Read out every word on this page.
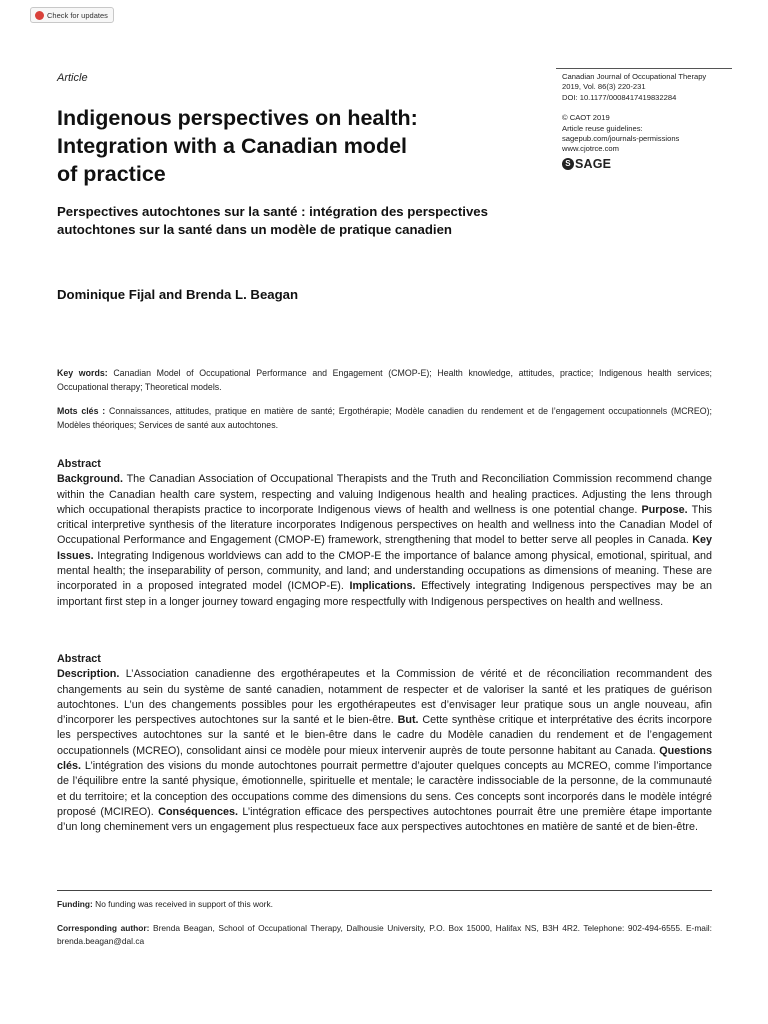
Check for updates
Article	Canadian Journal of Occupational Therapy
2019, Vol. 86(3) 220-231
DOI: 10.1177/0008417419832284
© CAOT 2019
Article reuse guidelines:
sagepub.com/journals-permissions
www.cjotrce.com
S SAGE
Indigenous perspectives on health:
Integration with a Canadian model
of practice
Perspectives autochtones sur la santé : intégration des perspectives
autochtones sur la santé dans un modèle de pratique canadien
Dominique Fijal and Brenda L. Beagan

Key words: Canadian Model of Occupational Performance and Engagement (CMOP-E); Health knowledge, attitudes, practice; Indigenous health services; Occupational therapy; Theoretical models.

Mots clés : Connaissances, attitudes, pratique en matière de santé; Ergothérapie; Modèle canadien du rendement et de l’engagement occupationnels (MCREO); Modèles théoriques; Services de santé aux autochtones.

Abstract
Background. The Canadian Association of Occupational Therapists and the Truth and Reconciliation Commission recommend change within the Canadian health care system, respecting and valuing Indigenous health and healing practices. Adjusting the lens through which occupational therapists practice to incorporate Indigenous views of health and wellness is one potential change. Purpose. This critical interpretive synthesis of the literature incorporates Indigenous perspectives on health and wellness into the Canadian Model of Occupational Performance and Engagement (CMOP-E) framework, strengthening that model to better serve all peoples in Canada. Key Issues. Integrating Indigenous worldviews can add to the CMOP-E the importance of balance among physical, emotional, spiritual, and mental health; the inseparability of person, community, and land; and understanding occupations as dimensions of meaning. These are incorporated in a proposed integrated model (ICMOP-E). Implications. Effectively integrating Indigenous perspectives may be an important first step in a longer journey toward engaging more respectfully with Indigenous perspectives on health and wellness.
Abstract
Description. L’Association canadienne des ergothérapeutes et la Commission de vérité et de réconciliation recommandent des changements au sein du système de santé canadien, notamment de respecter et de valoriser la santé et les pratiques de guérison autochtones. L’un des changements possibles pour les ergothérapeutes est d’envisager leur pratique sous un angle nouveau, afin d’incorporer les perspectives autochtones sur la santé et le bien-être. But. Cette synthèse critique et interprétative des écrits incorpore les perspectives autochtones sur la santé et le bien-être dans le cadre du Modèle canadien du rendement et de l’engagement occupationnels (MCREO), consolidant ainsi ce modèle pour mieux intervenir auprès de toute personne habitant au Canada. Questions clés. L’intégration des visions du monde autochtones pourrait permettre d’ajouter quelques concepts au MCREO, comme l’importance de l’équilibre entre la santé physique, émotionnelle, spirituelle et mentale; le caractère indissociable de la personne, de la communauté et du territoire; et la conception des occupations comme des dimensions du sens. Ces concepts sont incorporés dans le modèle intégré proposé (MCIREO). Conséquences. L’intégration efficace des perspectives autochtones pourrait être une première étape importante d’un long cheminement vers un engagement plus respectueux face aux perspectives autochtones en matière de santé et de bien-être.

Funding: No funding was received in support of this work.

Corresponding author: Brenda Beagan, School of Occupational Therapy, Dalhousie University, P.O. Box 15000, Halifax NS, B3H 4R2. Telephone: 902-494-6555. E-mail: brenda.beagan@dal.ca
